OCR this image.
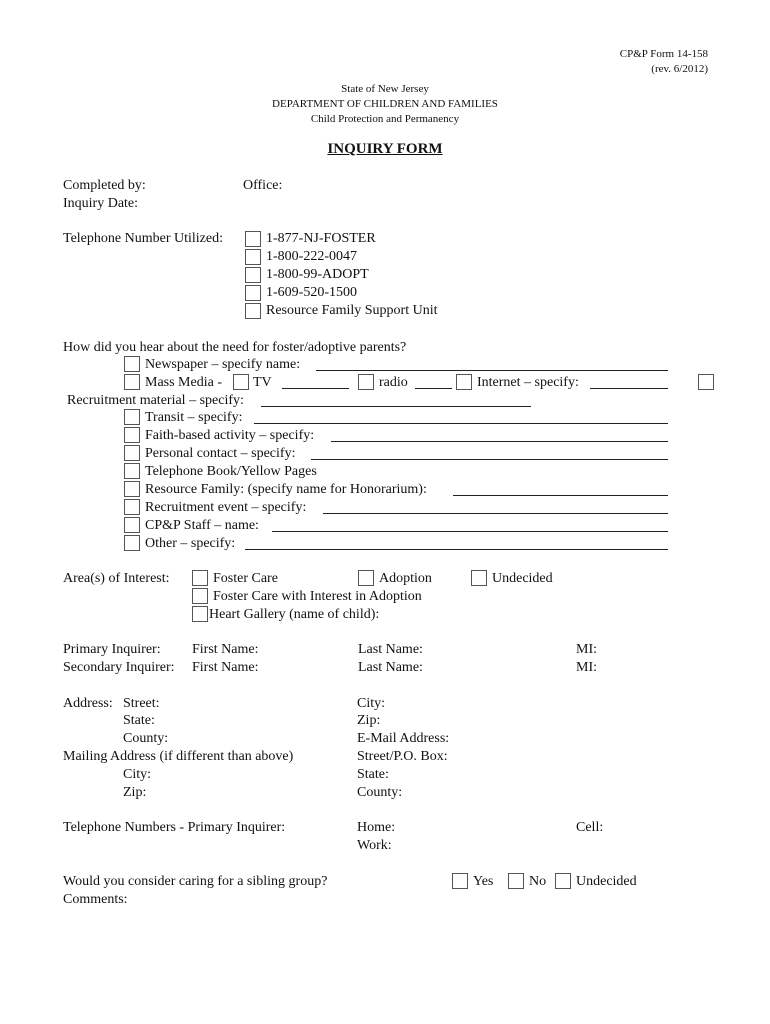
CP&P Form 14-158
(rev. 6/2012)
State of New Jersey
DEPARTMENT OF CHILDREN AND FAMILIES
Child Protection and Permanency
INQUIRY FORM
Completed by:	Office:
Inquiry Date:
Telephone Number Utilized:	1-877-NJ-FOSTER
1-800-222-0047
1-800-99-ADOPT
1-609-520-1500
Resource Family Support Unit
How did you hear about the need for foster/adoptive parents?
Newspaper – specify name:
Mass Media - TV	radio	Internet – specify:
Recruitment material – specify:
Transit – specify:
Faith-based activity – specify:
Personal contact – specify:
Telephone Book/Yellow Pages
Resource Family: (specify name for Honorarium):
Recruitment event – specify:
CP&P Staff – name:
Other – specify:
Area(s) of Interest:	Foster Care	Adoption	Undecided
Foster Care with Interest in Adoption
Heart Gallery (name of child):
Primary Inquirer: First Name:	Last Name:	MI:
Secondary Inquirer: First Name:	Last Name:	MI:
Address: Street:	City:
State:	Zip:
County:	E-Mail Address:
Mailing Address (if different than above)	Street/P.O. Box:
City:	State:
Zip:	County:
Telephone Numbers - Primary Inquirer:	Home:	Cell:
Work:
Would you consider caring for a sibling group?	Yes	No Undecided
Comments:
